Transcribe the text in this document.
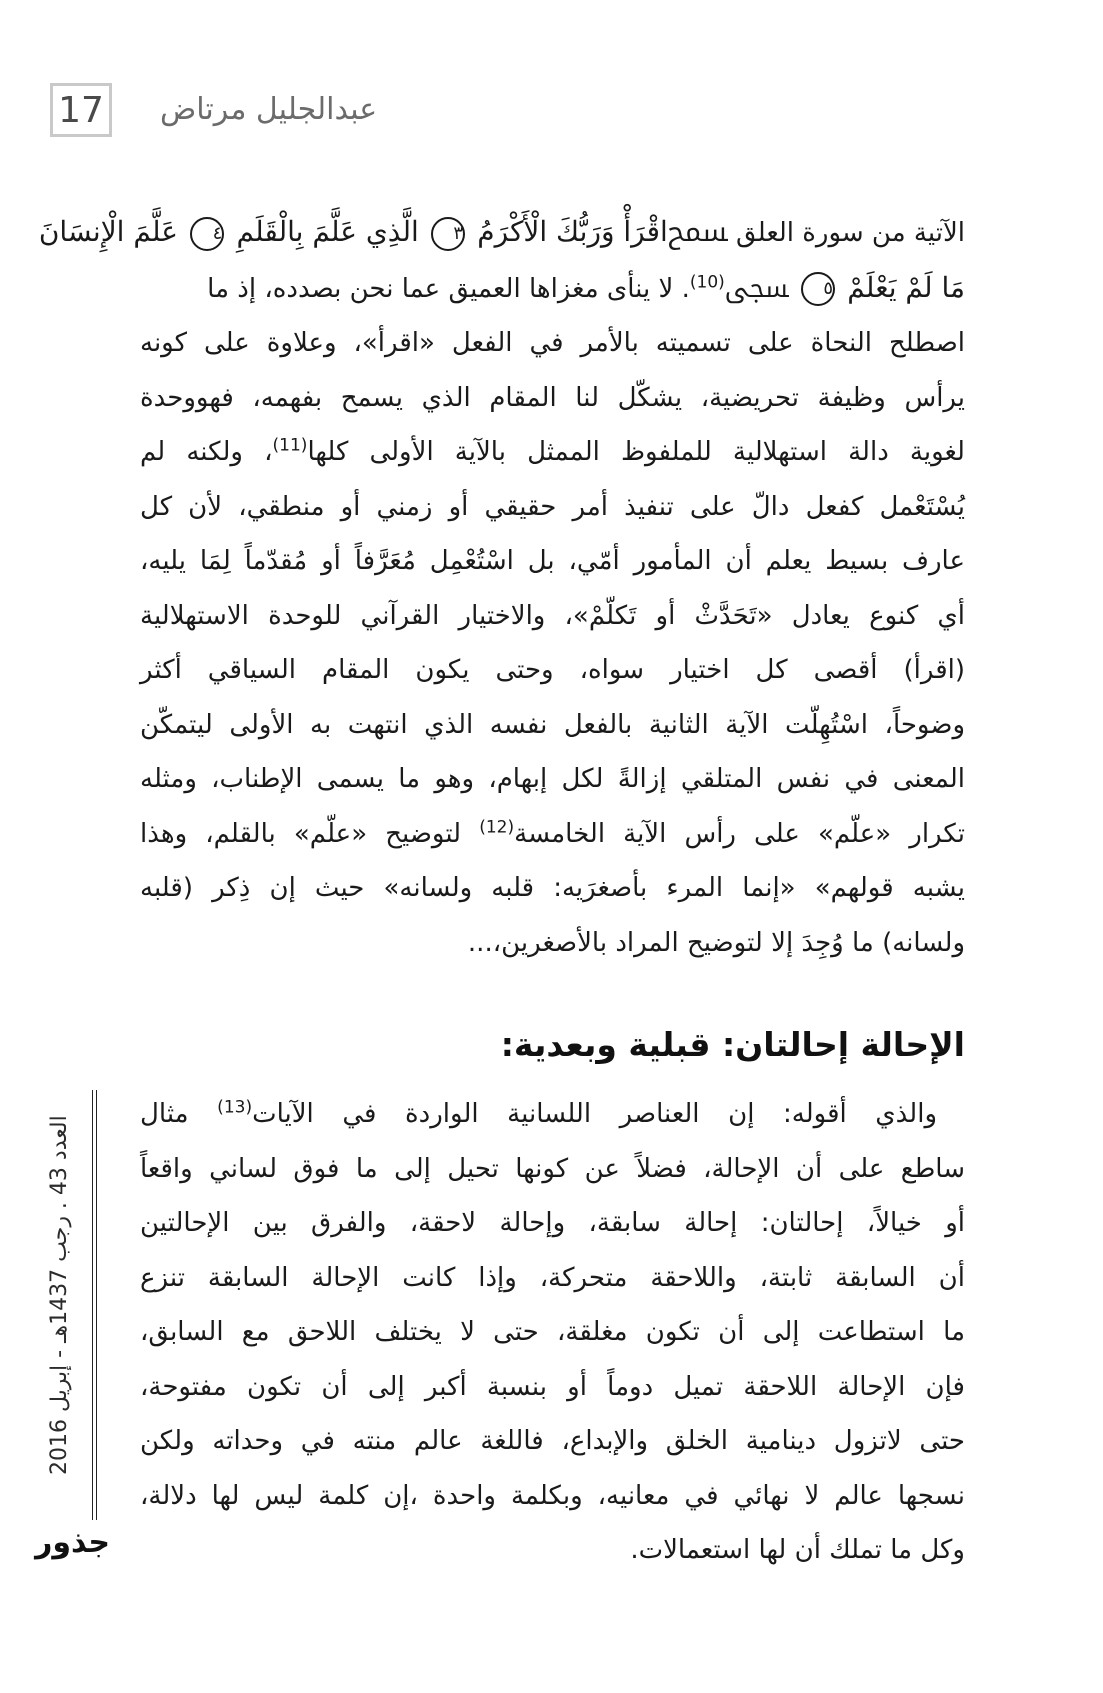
17 عبدالجليل مرتاض
الآتية من سورة العلق ﵟاقْرَأْ وَرَبُّكَ الْأَكْرَمُ ٣ الَّذِي عَلَّمَ بِالْقَلَمِ ٤ عَلَّمَ الْإِنسَانَ
مَا لَمْ يَعْلَمْ ٥ ﵞ$^{(10)}$. لا ينأى مغزاها العميق عما نحن بصدده، إذ ما
اصطلح النحاة على تسميته بالأمر في الفعل «اقرأ»، وعلاوة على كونه
يرأس وظيفة تحريضية، يشكّل لنا المقام الذي يسمح بفهمه، فهووحدة
لغوية دالة استهلالية للملفوظ الممثل بالآية الأولى كلها$^{(11)}$، ولكنه لم
يُسْتَعْمل كفعل دالّ على تنفيذ أمر حقيقي أو زمني أو منطقي، لأن كل
عارف بسيط يعلم أن المأمور أمّي، بل اسْتُعْمِل مُعَرَّفاً أو مُقدّماً لِمَا يليه،
أي كنوع يعادل «تَحَدَّثْ أو تَكلّمْ»، والاختيار القرآني للوحدة الاستهلالية
(اقرأ) أقصى كل اختيار سواه، وحتى يكون المقام السياقي أكثر
وضوحاً، اسْتُهِلّت الآية الثانية بالفعل نفسه الذي انتهت به الأولى ليتمكّن
المعنى في نفس المتلقي إزالةً لكل إبهام، وهو ما يسمى الإطناب، ومثله
تكرار «علّم» على رأس الآية الخامسة$^{(12)}$ لتوضيح «علّم» بالقلم، وهذا
يشبه قولهم» «إنما المرء بأصغرَيه: قلبه ولسانه» حيث إن ذِكر (قلبه
ولسانه) ما وُجِدَ إلا لتوضيح المراد بالأصغرين،...
الإحالة إحالتان: قبلية وبعدية:
والذي أقوله: إن العناصر اللسانية الواردة في الآيات$^{(13)}$ مثال
ساطع على أن الإحالة، فضلاً عن كونها تحيل إلى ما فوق لساني واقعاً
أو خيالاً، إحالتان: إحالة سابقة، وإحالة لاحقة، والفرق بين الإحالتين
أن السابقة ثابتة، واللاحقة متحركة، وإذا كانت الإحالة السابقة تنزع
ما استطاعت إلى أن تكون مغلقة، حتى لا يختلف اللاحق مع السابق،
فإن الإحالة اللاحقة تميل دوماً أو بنسبة أكبر إلى أن تكون مفتوحة،
حتى لاتزول دينامية الخلق والإبداع، فاللغة عالم منته في وحداته ولكن
نسجها عالم لا نهائي في معانيه، وبكلمة واحدة ،إن كلمة ليس لها دلالة،
وكل ما تملك أن لها استعمالات.
العدد 43 . رجب 1437هـ - إبريل 2016
جذور
